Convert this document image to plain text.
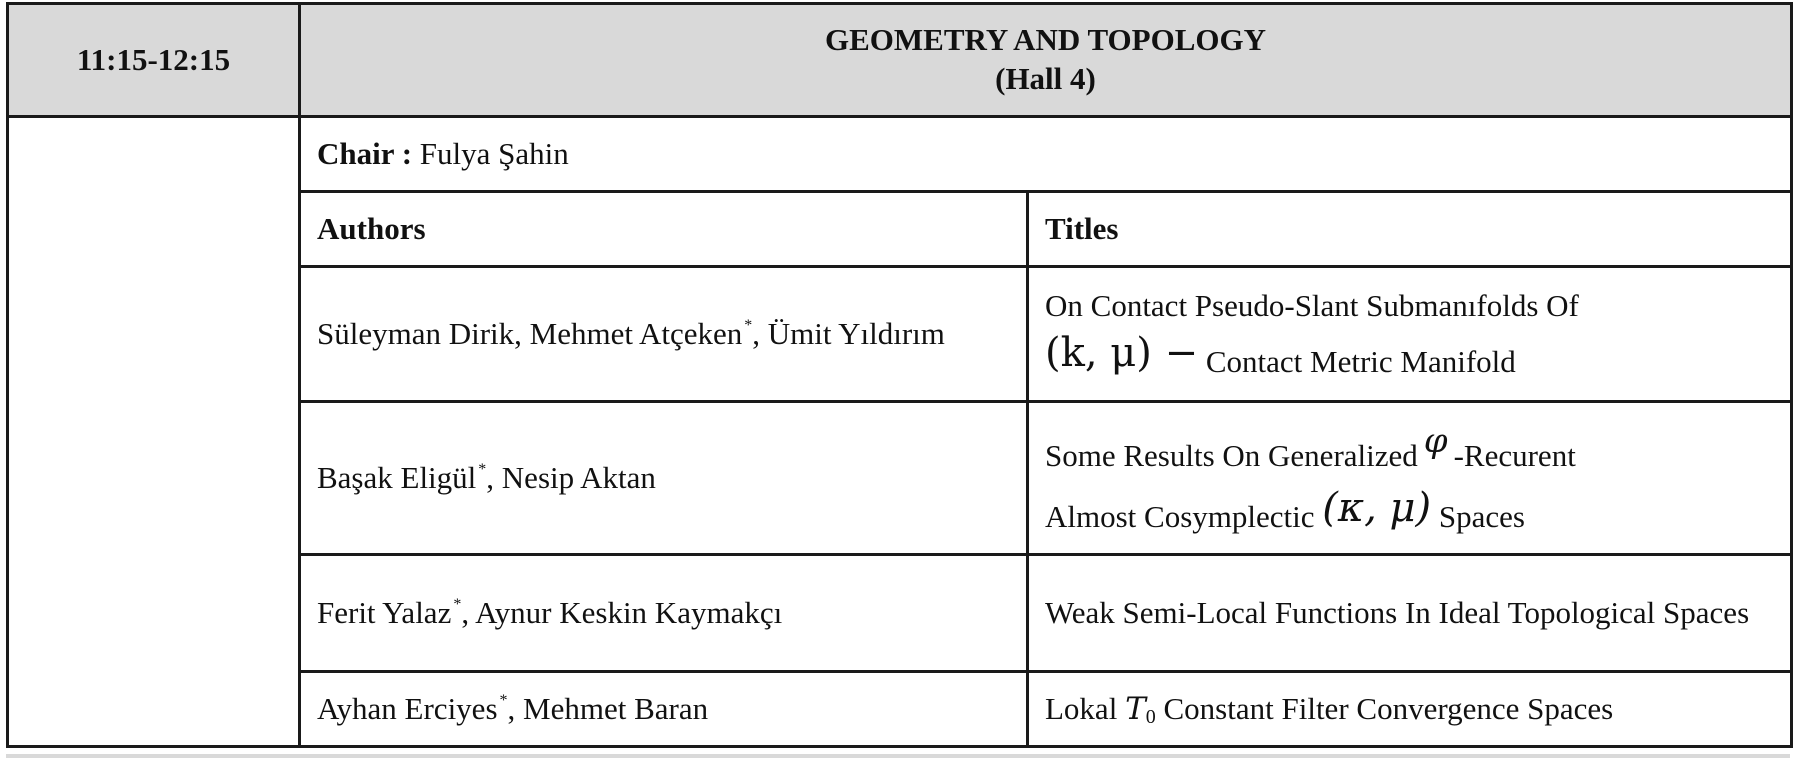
11:15-12:15	GEOMETRY AND TOPOLOGY
(Hall 4)	
	Chair : Fulya Şahin	
	Authors	Titles
	Süleyman Dirik, Mehmet Atçeken *, Ümit Yıldırım	On Contact Pseudo-Slant Submanıfolds Of
(k, μ) − Contact Metric Manifold
	Başak Eligül *, Nesip Aktan	Some Results On Generalized φ -Recurent
Almost Cosymplectic (κ, μ) Spaces
	Ferit Yalaz *, Aynur Keskin Kaymakçı	Weak Semi-Local Functions In Ideal Topological Spaces
	Ayhan Erciyes *, Mehmet Baran	Lokal $T_0$ Constant Filter Convergence Spaces
